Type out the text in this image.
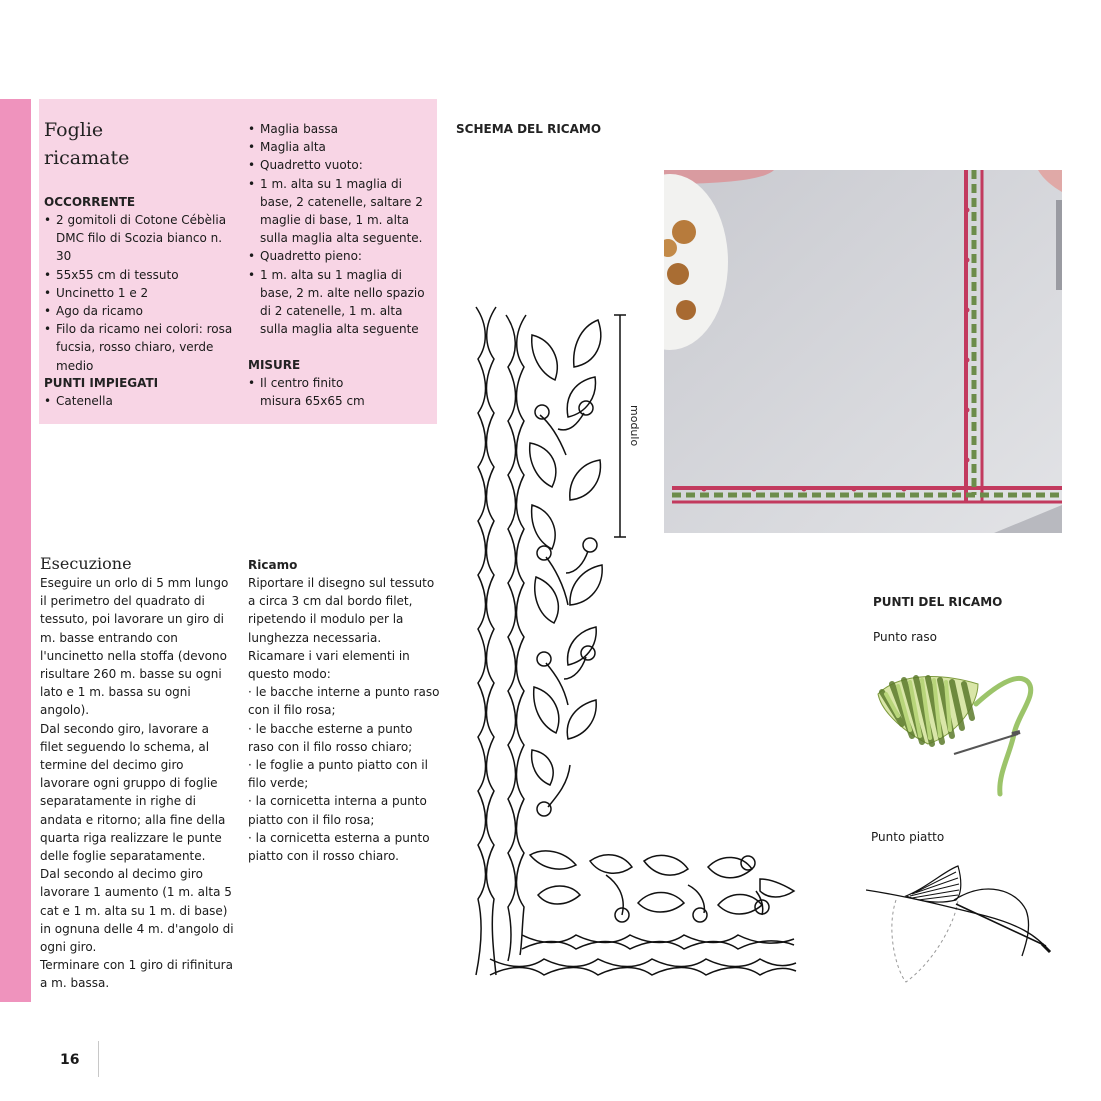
Foglie
ricamate
OCCORRENTE
• 2 gomitoli di Cotone Cébèlia DMC filo di Scozia bianco n. 30
• 55x55 cm di tessuto
• Uncinetto 1 e 2
• Ago da ricamo
• Filo da ricamo nei colori: rosa fucsia, rosso chiaro, verde medio
PUNTI IMPIEGATI
• Catenella
• Maglia bassa
• Maglia alta
• Quadretto vuoto:
• 1 m. alta su 1 maglia di base, 2 catenelle, saltare 2 maglie di base, 1 m. alta sulla maglia alta seguente.
• Quadretto pieno:
• 1 m. alta su 1 maglia di base, 2 m. alte nello spazio di 2 catenelle, 1 m. alta sulla maglia alta seguente
MISURE
• Il centro finito misura 65x65 cm
Esecuzione
Eseguire un orlo di 5 mm lungo il perimetro del quadrato di tessuto, poi lavorare un giro di m. basse entrando con l'uncinetto nella stoffa (devono risultare 260 m. basse su ogni lato e 1 m. bassa su ogni angolo).
Dal secondo giro, lavorare a filet seguendo lo schema, al termine del decimo giro lavorare ogni gruppo di foglie separatamente in righe di andata e ritorno; alla fine della quarta riga realizzare le punte delle foglie separatamente.
Dal secondo al decimo giro lavorare 1 aumento (1 m. alta 5 cat e 1 m. alta su 1 m. di base) in ognuna delle 4 m. d'angolo di ogni giro.
Terminare con 1 giro di rifinitura a m. bassa.
Ricamo
Riportare il disegno sul tessuto a circa 3 cm dal bordo filet, ripetendo il modulo per la lunghezza necessaria.
Ricamare i vari elementi in questo modo:
· le bacche interne a punto raso con il filo rosa;
· le bacche esterne a punto raso con il filo rosso chiaro;
· le foglie a punto piatto con il filo verde;
· la cornicetta interna a punto piatto con il filo rosa;
· la cornicetta esterna a punto piatto con il rosso chiaro.
SCHEMA DEL RICAMO
modulo
PUNTI DEL RICAMO
Punto raso
Punto piatto
16
